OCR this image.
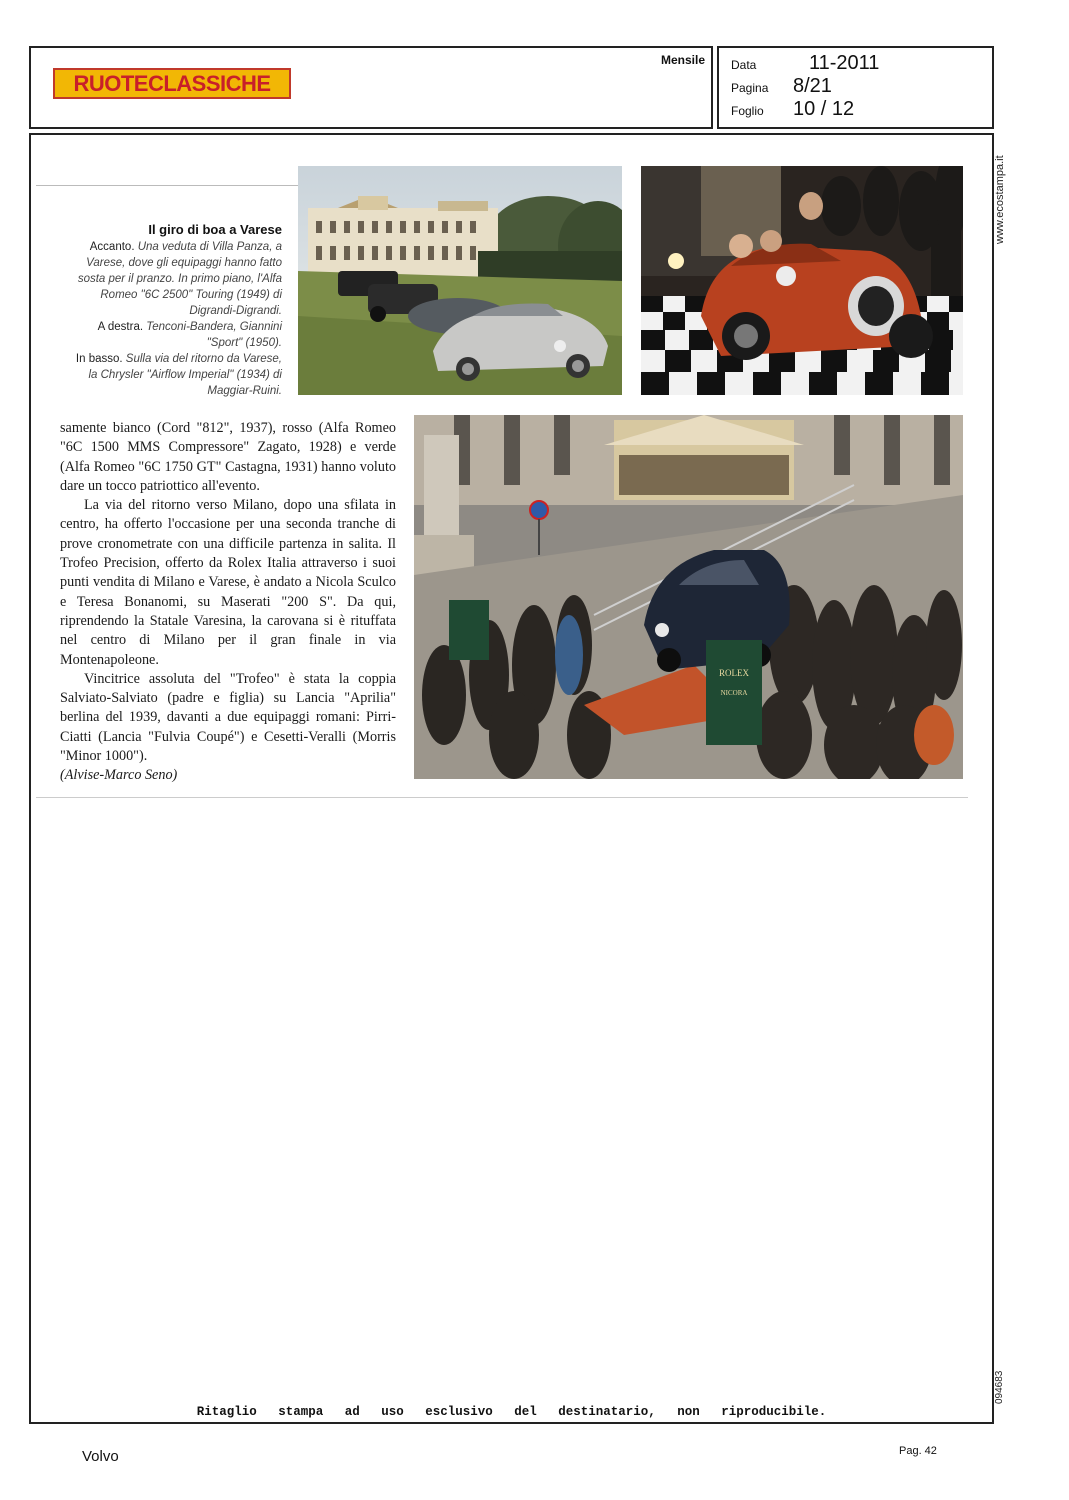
RUOTECLASSICHE
Mensile Data	11-2011
Pagina	8/21
Foglio	10 / 12
www.ecostampa.it
094683
Il giro di boa a Varese
Accanto. Una veduta di Villa Panza, a Varese, dove gli equipaggi hanno fatto sosta per il pranzo. In primo piano, l'Alfa Romeo "6C 2500" Touring (1949) di Digrandi-Digrandi.
A destra. Tenconi-Bandera, Giannini "Sport" (1950).
In basso. Sulla via del ritorno da Varese, la Chrysler "Airflow Imperial" (1934) di Maggiar-Ruini.
ROLEX
NICORA

samente bianco (Cord "812", 1937), rosso (Alfa Romeo "6C 1500 MMS Compressore" Zagato, 1928) e verde (Alfa Romeo "6C 1750 GT" Castagna, 1931) hanno voluto dare un tocco patriottico all'evento.

La via del ritorno verso Milano, dopo una sfilata in centro, ha offerto l'occasione per una seconda tranche di prove cronometrate con una difficile partenza in salita. Il Trofeo Precision, offerto da Rolex Italia attraverso i suoi punti vendita di Milano e Varese, è andato a Nicola Sculco e Teresa Bonanomi, su Maserati "200 S". Da qui, riprendendo la Statale Varesina, la carovana si è rituffata nel centro di Milano per il gran finale in via Montenapoleone.

Vincitrice assoluta del "Trofeo" è stata la coppia Salviato-Salviato (padre e figlia) su Lancia "Aprilia" berlina del 1939, davanti a due equipaggi romani: Pirri-Ciatti (Lancia "Fulvia Coupé") e Cesetti-Veralli (Morris "Minor 1000").

(Alvise-Marco Seno)

Ritaglio stampa ad uso esclusivo del destinatario, non riproducibile.
Volvo	Pag. 42
